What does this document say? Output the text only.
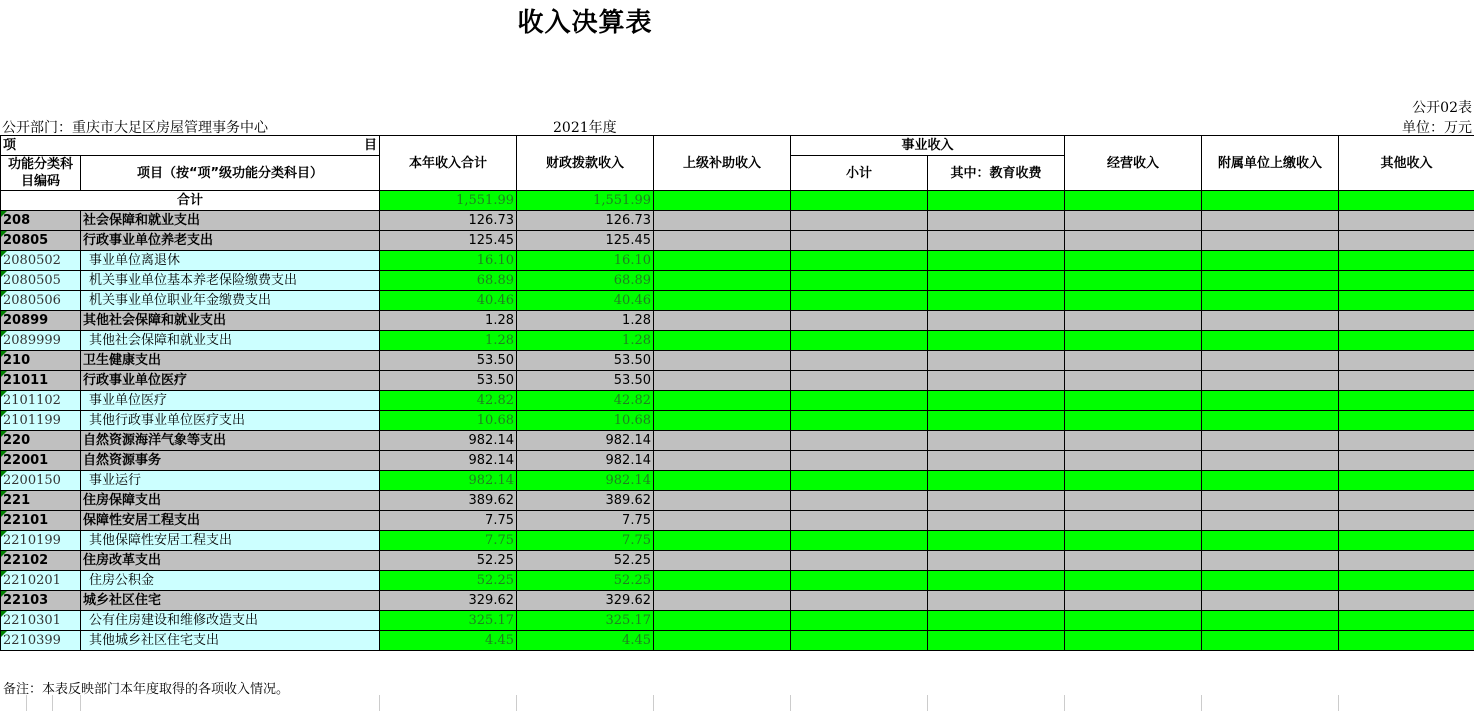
收入决算表
公开02表
公开部门：重庆市大足区房屋管理事务中心	2021年度	单位：万元
项 目		本年收入合计	财政拨款收入	上级补助收入	事业收入		经营收入	附属单位上缴收入	其他收入
功能分类科目编码	项目（按“项”级功能分类科目）								
					小计	其中：教育收费			

合计		1,551.99	1,551.99						
208	社会保障和就业支出	126.73	126.73						
20805	行政事业单位养老支出	125.45	125.45						
2080502	事业单位离退休	16.10	16.10						
2080505	机关事业单位基本养老保险缴费支出	68.89	68.89						
2080506	机关事业单位职业年金缴费支出	40.46	40.46						
20899	其他社会保障和就业支出	1.28	1.28						
2089999	其他社会保障和就业支出	1.28	1.28						
210	卫生健康支出	53.50	53.50						
21011	行政事业单位医疗	53.50	53.50						
2101102	事业单位医疗	42.82	42.82						
2101199	其他行政事业单位医疗支出	10.68	10.68						
220	自然资源海洋气象等支出	982.14	982.14						
22001	自然资源事务	982.14	982.14						
2200150	事业运行	982.14	982.14						
221	住房保障支出	389.62	389.62						
22101	保障性安居工程支出	7.75	7.75						
2210199	其他保障性安居工程支出	7.75	7.75						
22102	住房改革支出	52.25	52.25						
2210201	住房公积金	52.25	52.25						
22103	城乡社区住宅	329.62	329.62						
2210301	公有住房建设和维修改造支出	325.17	325.17						
2210399	其他城乡社区住宅支出	4.45	4.45						
备注：本表反映部门本年度取得的各项收入情况。
